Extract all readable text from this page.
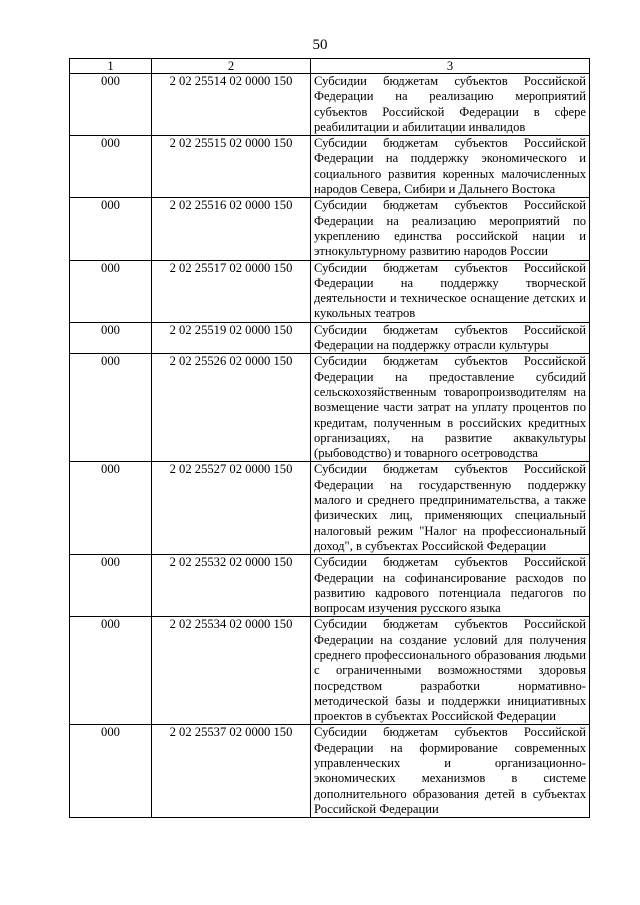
50
1	2	3
000	2 02 25514 02 0000 150	Субсидии бюджетам субъектов Российской Федерации на реализацию мероприятий субъектов Российской Федерации в сфере реабилитации и абилитации инвалидов
000	2 02 25515 02 0000 150	Субсидии бюджетам субъектов Российской Федерации на поддержку экономического и социального развития коренных малочисленных народов Севера, Сибири и Дальнего Востока
000	2 02 25516 02 0000 150	Субсидии бюджетам субъектов Российской Федерации на реализацию мероприятий по укреплению единства российской нации и этнокультурному развитию народов России
000	2 02 25517 02 0000 150	Субсидии бюджетам субъектов Российской Федерации на поддержку творческой деятельности и техническое оснащение детских и кукольных театров
000	2 02 25519 02 0000 150	Субсидии бюджетам субъектов Российской Федерации на поддержку отрасли культуры
000	2 02 25526 02 0000 150	Субсидии бюджетам субъектов Российской Федерации на предоставление субсидий сельскохозяйственным товаропроизводителям на возмещение части затрат на уплату процентов по кредитам, полученным в российских кредитных организациях, на развитие аквакультуры (рыбоводство) и товарного осетроводства
000	2 02 25527 02 0000 150	Субсидии бюджетам субъектов Российской Федерации на государственную поддержку малого и среднего предпринимательства, а также физических лиц, применяющих специальный налоговый режим "Налог на профессиональный доход", в субъектах Российской Федерации
000	2 02 25532 02 0000 150	Субсидии бюджетам субъектов Российской Федерации на софинансирование расходов по развитию кадрового потенциала педагогов по вопросам изучения русского языка
000	2 02 25534 02 0000 150	Субсидии бюджетам субъектов Российской Федерации на создание условий для получения среднего профессионального образования людьми с ограниченными возможностями здоровья посредством разработки нормативно-методической базы и поддержки инициативных проектов в субъектах Российской Федерации
000	2 02 25537 02 0000 150	Субсидии бюджетам субъектов Российской Федерации на формирование современных управленческих и организационно-экономических механизмов в системе дополнительного образования детей в субъектах Российской Федерации
